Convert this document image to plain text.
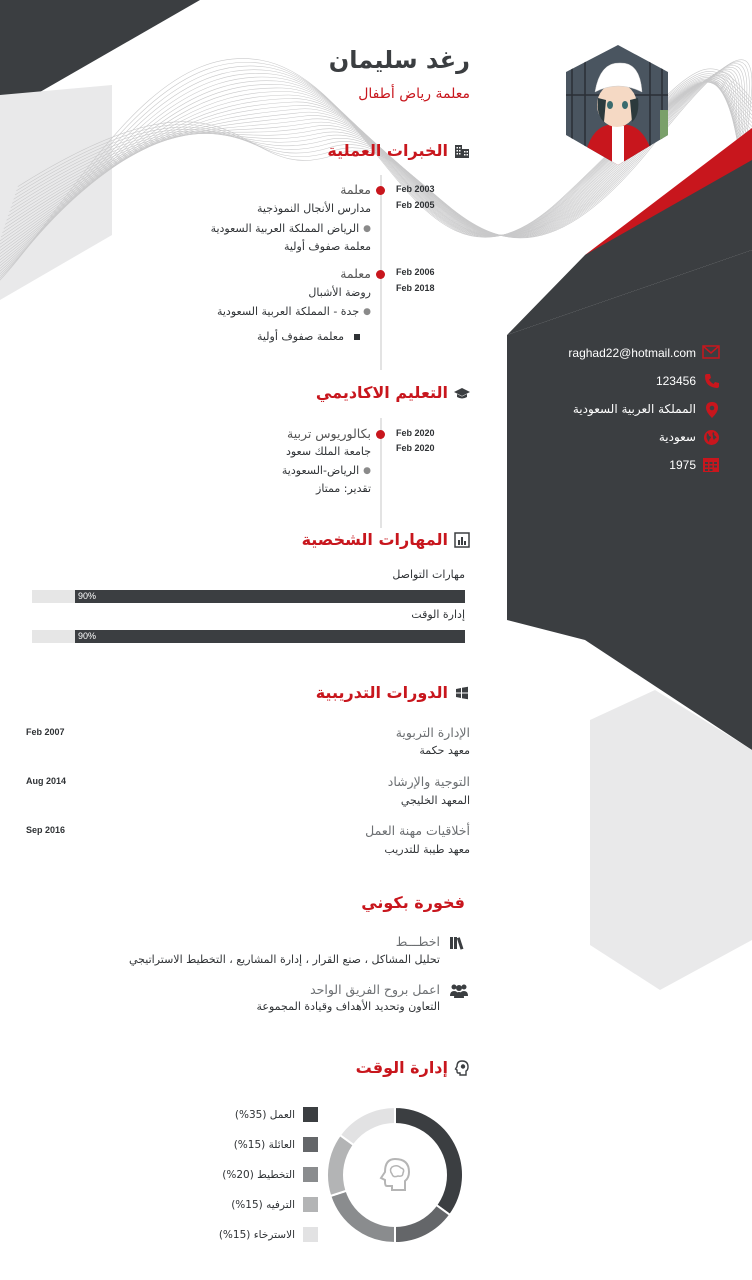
رغد سليمان
معلمة رياض أطفال
الخبرات العملية
معلمة
مدارس الأنجال النموذجية
●
الرياض المملكة العربية السعودية
معلمة صفوف أولية
Feb 2003
Feb 2005
معلمة
روضة الأشبال
●
جدة - المملكة العربية السعودية
معلمة صفوف أولية
Feb 2006
Feb 2018
التعليم الاكاديمي
بكالوريوس تربية
جامعة الملك سعود
●
الرياض-السعودية
تقدير: ممتاز
Feb 2020
Feb 2020
المهارات الشخصية
مهارات التواصل
90%
إدارة الوقت
90%
الدورات التدريبية
الإدارة التربوية
معهد حكمة
Feb 2007
التوجية والإرشاد
المعهد الخليجي
Aug 2014
أخلاقيات مهنة العمل
معهد طيبة للتدريب
Sep 2016
فخورة بكوني
اخطـــط
تحليل المشاكل ، صنع القرار ، إدارة المشاريع ، التخطيط الاستراتيجي
اعمل بروح الفريق الواحد
التعاون وتحديد الأهداف وقيادة المجموعة
إدارة الوقت
العمل (35%)
العائلة (15%)
التخطيط (20%)
الترفيه (15%)
الاسترخاء (15%)
raghad22@hotmail.com
123456
المملكة العربية السعودية
سعودية
1975
